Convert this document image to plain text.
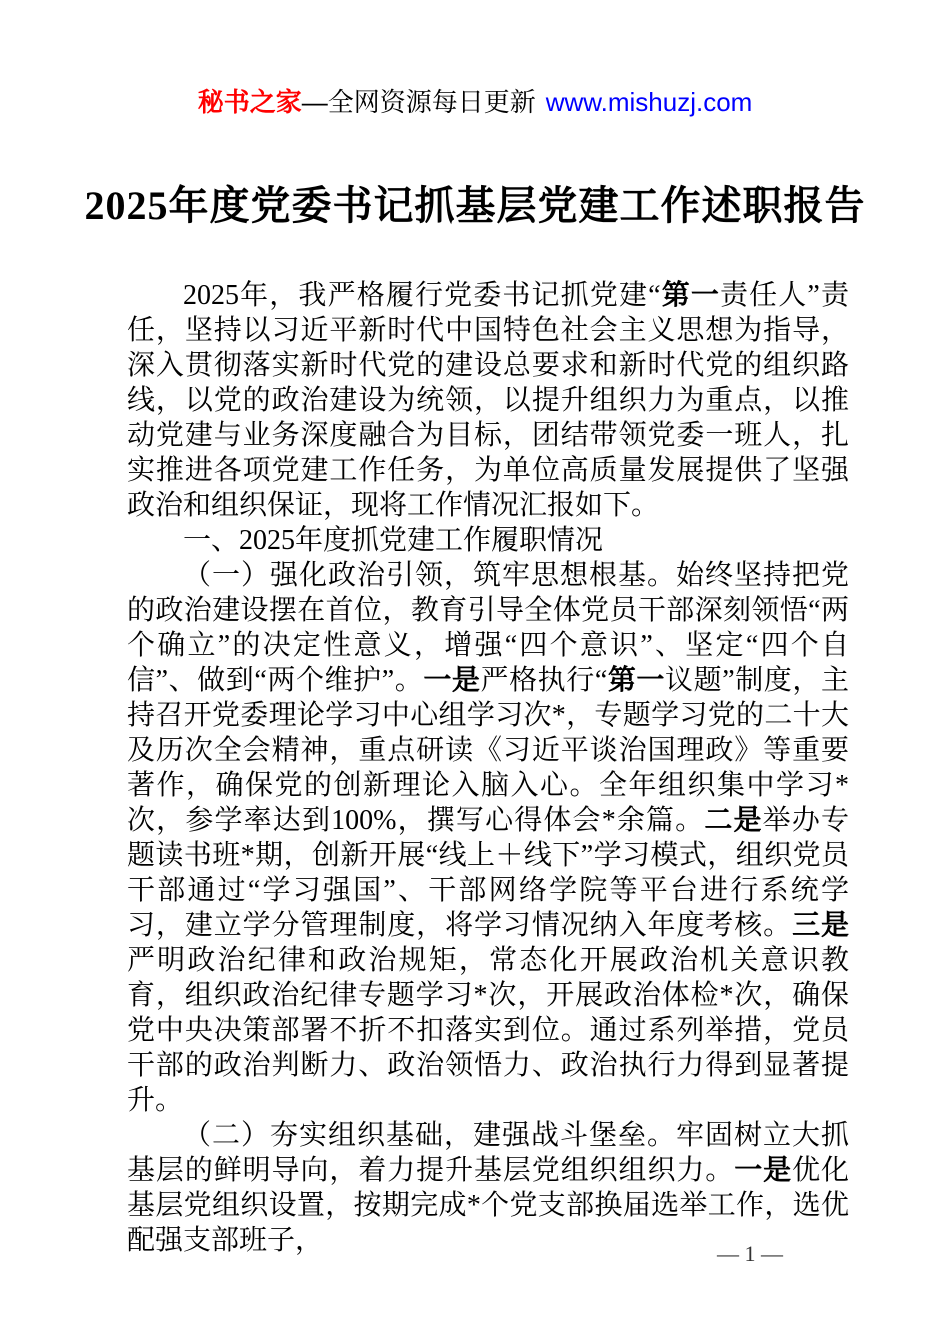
秘书之家—全网资源每日更新 www.mishuzj.com
2025年度党委书记抓基层党建工作述职报告

2025年，我严格履行党委书记抓党建“第一责任人”责任，坚持以习近平新时代中国特色社会主义思想为指导，深入贯彻落实新时代党的建设总要求和新时代党的组织路线，以党的政治建设为统领，以提升组织力为重点，以推动党建与业务深度融合为目标，团结带领党委一班人，扎实推进各项党建工作任务，为单位高质量发展提供了坚强政治和组织保证，现将工作情况汇报如下。

一、2025年度抓党建工作履职情况

（一）强化政治引领，筑牢思想根基。始终坚持把党的政治建设摆在首位，教育引导全体党员干部深刻领悟“两个确立”的决定性意义，增强“四个意识”、坚定“四个自信”、做到“两个维护”。一是严格执行“第一议题”制度，主持召开党委理论学习中心组学习次*，专题学习党的二十大及历次全会精神，重点研读《习近平谈治国理政》等重要著作，确保党的创新理论入脑入心。全年组织集中学习*次，参学率达到100%，撰写心得体会*余篇。二是举办专题读书班*期，创新开展“线上＋线下”学习模式，组织党员干部通过“学习强国”、干部网络学院等平台进行系统学习，建立学分管理制度，将学习情况纳入年度考核。三是严明政治纪律和政治规矩，常态化开展政治机关意识教育，组织政治纪律专题学习*次，开展政治体检*次，确保党中央决策部署不折不扣落实到位。通过系列举措，党员干部的政治判断力、政治领悟力、政治执行力得到显著提升。

（二）夯实组织基础，建强战斗堡垒。牢固树立大抓基层的鲜明导向，着力提升基层党组织组织力。一是优化基层党组织设置，按期完成*个党支部换届选举工作，选优配强支部班子，	— 1 —
